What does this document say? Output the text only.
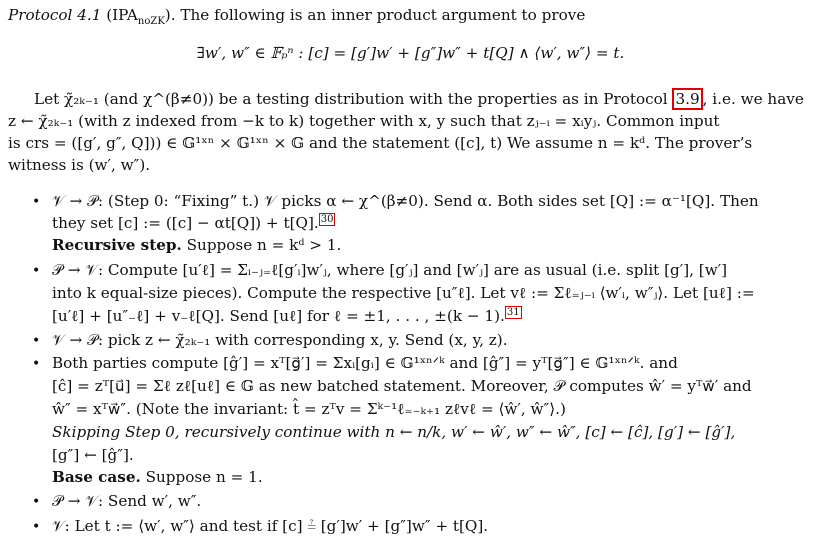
Protocol 4.1 $(IPA_{noZK})$. The following is an inner product argument to prove
∃w′, w″ ∈ 𝔽ₚⁿ : [c] = [g′]w′ + [g″]w″ + t[Q] ∧ ⟨w′, w″⟩ = t.
Let χ̃₂ₖ₋₁ (and χ^(β≠0)) be a testing distribution with the properties as in Protocol 3.9 , i.e. we have
z ← χ̃₂ₖ₋₁ (with z indexed from −k to k) together with x, y such that zⱼ₋ᵢ = xᵢyⱼ. Common input
is crs = ([g′, g″, Q])) ∈ 𝔾¹ˣⁿ × 𝔾¹ˣⁿ × 𝔾 and the statement ([c], t) We assume n = kᵈ. The prover’s
witness is (w′, w″).
• 𝒱 → 𝒫: (Step 0: “Fixing” t.) 𝒱 picks α ← χ^(β≠0). Send α. Both sides set [Q] := α⁻¹[Q]. Then
they set [c] := ([c] − αt[Q]) + t[Q]. $^{30}$
Recursive step. Suppose n = kᵈ > 1.
• 𝒫 → 𝒱: Compute [u′ℓ] = Σᵢ₋ⱼ₌ℓ[g′ᵢ]w′ⱼ, where [g′ⱼ] and [w′ⱼ] are as usual (i.e. split [g′], [w′]
into k equal-size pieces). Compute the respective [u″ℓ]. Let vℓ := Σℓ₌ⱼ₋ᵢ ⟨w′ᵢ, w″ⱼ⟩. Let [uℓ] :=
[u′ℓ] + [u″₋ℓ] + v₋ℓ[Q]. Send [uℓ] for ℓ = ±1, . . . , ±(k − 1). $^{31}$
• 𝒱 → 𝒫: pick z ← χ̃₂ₖ₋₁ with corresponding x, y. Send (x, y, z).
• Both parties compute [ĝ′] = xᵀ[g⃗′] = Σxᵢ[gᵢ] ∈ 𝔾¹ˣⁿᐟᵏ and [ĝ″] = yᵀ[g⃗″] ∈ 𝔾¹ˣⁿᐟᵏ. and
[ĉ] = zᵀ[u⃗] = Σℓ zℓ[uℓ] ∈ 𝔾 as new batched statement. Moreover, 𝒫 computes ŵ′ = yᵀw⃗′ and
ŵ″ = xᵀw⃗″. (Note the invariant: t̂ = zᵀv = Σᵏ⁻¹ℓ₌₋ₖ₊₁ zℓvℓ = ⟨ŵ′, ŵ″⟩.)
Skipping Step 0, recursively continue with n ← n/k, w′ ← ŵ′, w″ ← ŵ″, [c] ← [ĉ], [g′] ← [ĝ′],
[g″] ← [ĝ″].
Base case. Suppose n = 1.
• 𝒫 → 𝒱: Send w′, w″.
• 𝒱: Let t := ⟨w′, w″⟩ and test if [c] ≟ [g′]w′ + [g″]w″ + t[Q].
